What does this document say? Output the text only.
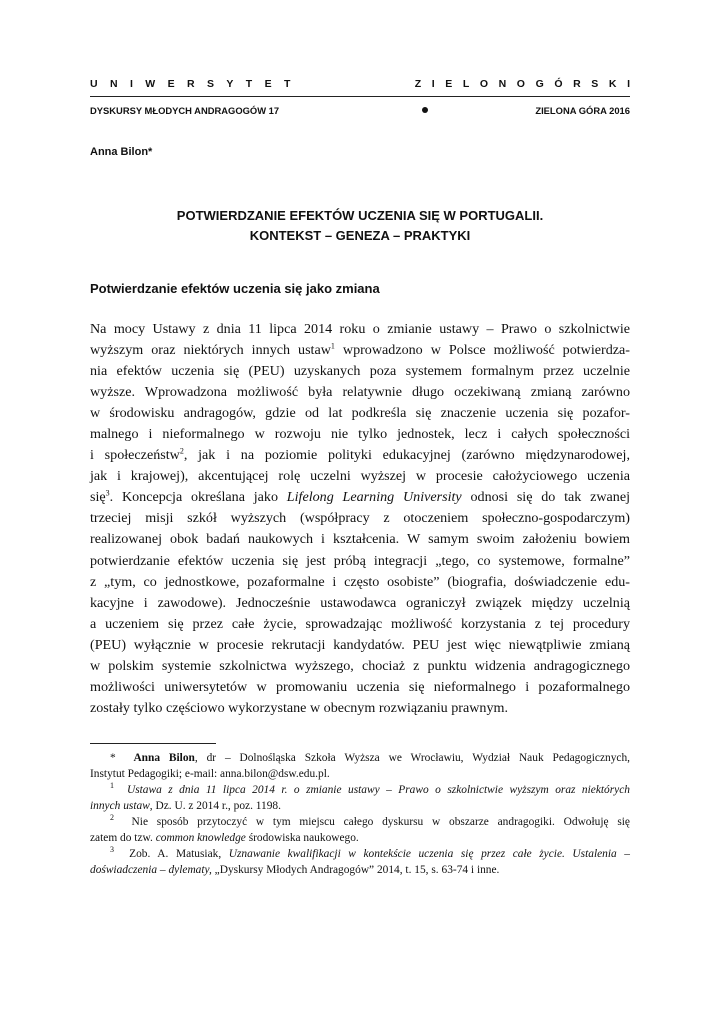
UNIWERSYTET	ZIELONOGÓRSKI
DYSKURSY MŁODYCH ANDRAGOGÓW 17	ZIELONA GÓRA 2016
Anna Bilon*
POTWIERDZANIE EFEKTÓW UCZENIA SIĘ W PORTUGALII.
KONTEKST – GENEZA – PRAKTYKI
Potwierdzanie efektów uczenia się jako zmiana
Na mocy Ustawy z dnia 11 lipca 2014 roku o zmianie ustawy – Prawo o szkolnictwie
wyższym oraz niektórych innych ustaw$^1$ wprowadzono w Polsce możliwość potwierdza-
nia efektów uczenia się (PEU) uzyskanych poza systemem formalnym przez uczelnie
wyższe. Wprowadzona możliwość była relatywnie długo oczekiwaną zmianą zarówno
w środowisku andragogów, gdzie od lat podkreśla się znaczenie uczenia się pozafor-
malnego i nieformalnego w rozwoju nie tylko jednostek, lecz i całych społeczności
i społeczeństw$^2$, jak i na poziomie polityki edukacyjnej (zarówno międzynarodowej,
jak i krajowej), akcentującej rolę uczelni wyższej w procesie całożyciowego uczenia
się$^3$. Koncepcja określana jako Lifelong Learning University odnosi się do tak zwanej
trzeciej misji szkół wyższych (współpracy z otoczeniem społeczno-gospodarczym)
realizowanej obok badań naukowych i kształcenia. W samym swoim założeniu bowiem
potwierdzanie efektów uczenia się jest próbą integracji „tego, co systemowe, formalne”
z „tym, co jednostkowe, pozaformalne i często osobiste” (biografia, doświadczenie edu-
kacyjne i zawodowe). Jednocześnie ustawodawca ograniczył związek między uczelnią
a uczeniem się przez całe życie, sprowadzając możliwość korzystania z tej procedury
(PEU) wyłącznie w procesie rekrutacji kandydatów. PEU jest więc niewątpliwie zmianą
w polskim systemie szkolnictwa wyższego, chociaż z punktu widzenia andragogicznego
możliwości uniwersytetów w promowaniu uczenia się nieformalnego i pozaformalnego
zostały tylko częściowo wykorzystane w obecnym rozwiązaniu prawnym.
* Anna Bilon, dr – Dolnośląska Szkoła Wyższa we Wrocławiu, Wydział Nauk Pedagogicznych,
Instytut Pedagogiki; e-mail: anna.bilon@dsw.edu.pl.
$^1$ Ustawa z dnia 11 lipca 2014 r. o zmianie ustawy – Prawo o szkolnictwie wyższym oraz niektórych
innych ustaw, Dz. U. z 2014 r., poz. 1198.
$^2$ Nie sposób przytoczyć w tym miejscu całego dyskursu w obszarze andragogiki. Odwołuję się
zatem do tzw. common knowledge środowiska naukowego.
$^3$ Zob. A. Matusiak, Uznawanie kwalifikacji w kontekście uczenia się przez całe życie. Ustalenia –
doświadczenia – dylematy, „Dyskursy Młodych Andragogów” 2014, t. 15, s. 63-74 i inne.
